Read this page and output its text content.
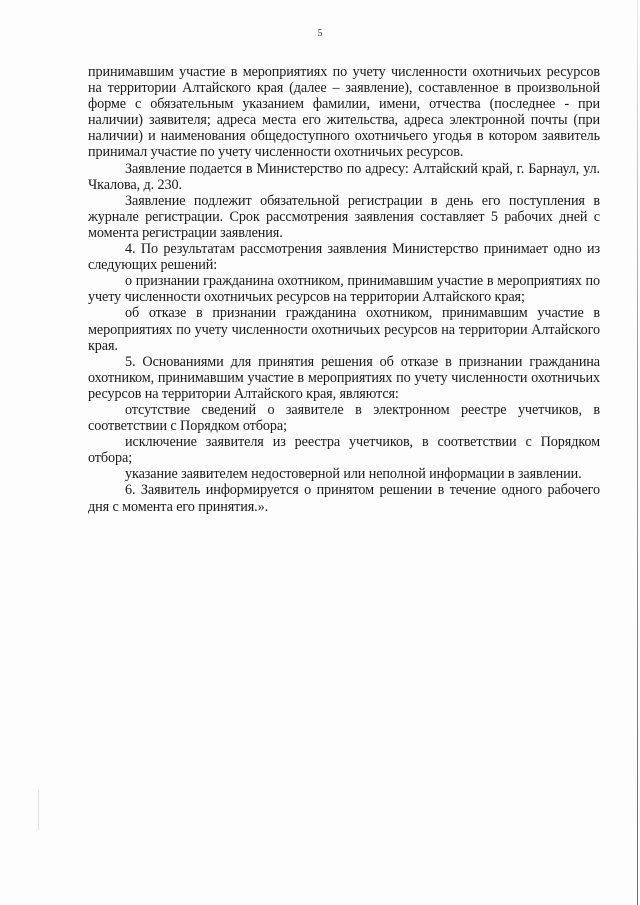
5

принимавшим участие в мероприятиях по учету численности охотничьих ресурсов на территории Алтайского края (далее – заявление), составленное в произвольной форме с обязательным указанием фамилии, имени, отчества (последнее - при наличии) заявителя; адреса места его жительства, адреса электронной почты (при наличии) и наименования общедоступного охотничьего угодья в котором заявитель принимал участие по учету численности охотничьих ресурсов.

Заявление подается в Министерство по адресу: Алтайский край, г. Барнаул, ул. Чкалова, д. 230.

Заявление подлежит обязательной регистрации в день его поступления в журнале регистрации. Срок рассмотрения заявления составляет 5 рабочих дней с момента регистрации заявления.

4. По результатам рассмотрения заявления Министерство принимает одно из следующих решений:

о признании гражданина охотником, принимавшим участие в мероприятиях по учету численности охотничьих ресурсов на территории Алтайского края;

об отказе в признании гражданина охотником, принимавшим участие в мероприятиях по учету численности охотничьих ресурсов на территории Алтайского края.

5. Основаниями для принятия решения об отказе в признании гражданина охотником, принимавшим участие в мероприятиях по учету численности охотничьих ресурсов на территории Алтайского края, являются:

отсутствие сведений о заявителе в электронном реестре учетчиков, в соответствии с Порядком отбора;

исключение заявителя из реестра учетчиков, в соответствии с Порядком отбора;

указание заявителем недостоверной или неполной информации в заявлении.

6. Заявитель информируется о принятом решении в течение одного рабочего дня с момента его принятия.».
